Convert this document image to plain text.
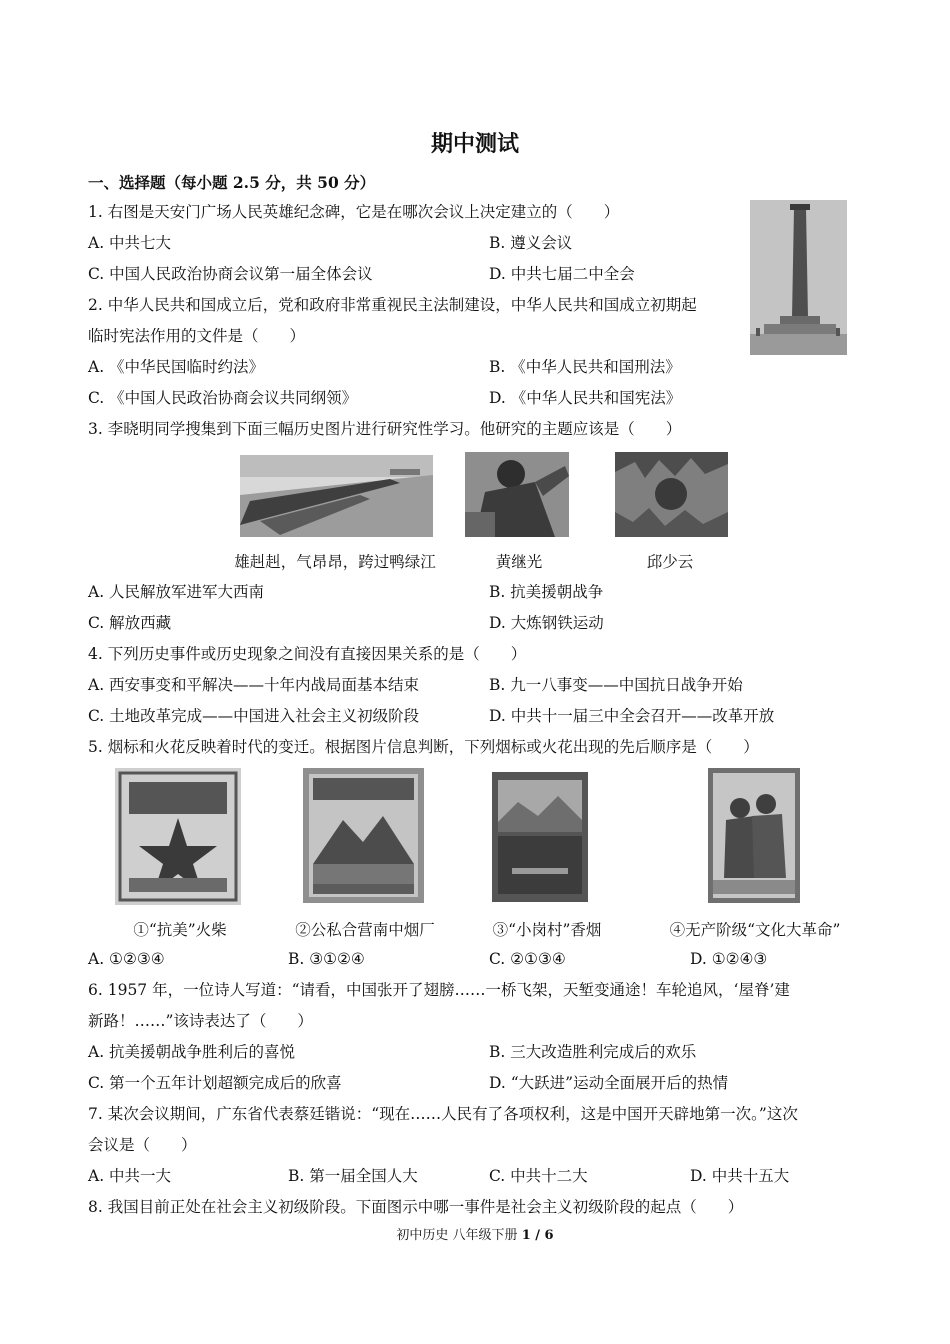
期中测试
一、选择题（每小题 2.5 分，共 50 分）
1. 右图是天安门广场人民英雄纪念碑，它是在哪次会议上决定建立的（　　）
A. 中共七大	B. 遵义会议
C. 中国人民政治协商会议第一届全体会议	D. 中共七届二中全会
2. 中华人民共和国成立后，党和政府非常重视民主法制建设，中华人民共和国成立初期起
临时宪法作用的文件是（　　）
A. 《中华民国临时约法》	B. 《中华人民共和国刑法》
C. 《中国人民政治协商会议共同纲领》	D. 《中华人民共和国宪法》
3. 李晓明同学搜集到下面三幅历史图片进行研究性学习。他研究的主题应该是（　　）
雄赳赳，气昂昂，跨过鸭绿江	黄继光	邱少云
A. 人民解放军进军大西南	B. 抗美援朝战争
C. 解放西藏	D. 大炼钢铁运动
4. 下列历史事件或历史现象之间没有直接因果关系的是（　　）
A. 西安事变和平解决——十年内战局面基本结束	B. 九一八事变——中国抗日战争开始
C. 土地改革完成——中国进入社会主义初级阶段	D. 中共十一届三中全会召开——改革开放
5. 烟标和火花反映着时代的变迁。根据图片信息判断，下列烟标或火花出现的先后顺序是（　　）
①“抗美”火柴	②公私合营南中烟厂	③“小岗村”香烟	④无产阶级“文化大革命”
A. ①②③④	B. ③①②④	C. ②①③④	D. ①②④③
6. 1957 年，一位诗人写道：“请看，中国张开了翅膀……一桥飞架，天堑变通途！车轮追风，‘屋脊’建
新路！……”该诗表达了（　　）
A. 抗美援朝战争胜利后的喜悦	B. 三大改造胜利完成后的欢乐
C. 第一个五年计划超额完成后的欣喜	D. “大跃进”运动全面展开后的热情
7. 某次会议期间，广东省代表蔡廷锴说：“现在……人民有了各项权利，这是中国开天辟地第一次。”这次
会议是（　　）
A. 中共一大	B. 第一届全国人大	C. 中共十二大	D. 中共十五大
8. 我国目前正处在社会主义初级阶段。下面图示中哪一事件是社会主义初级阶段的起点（　　）
初中历史 八年级下册 1 / 6
